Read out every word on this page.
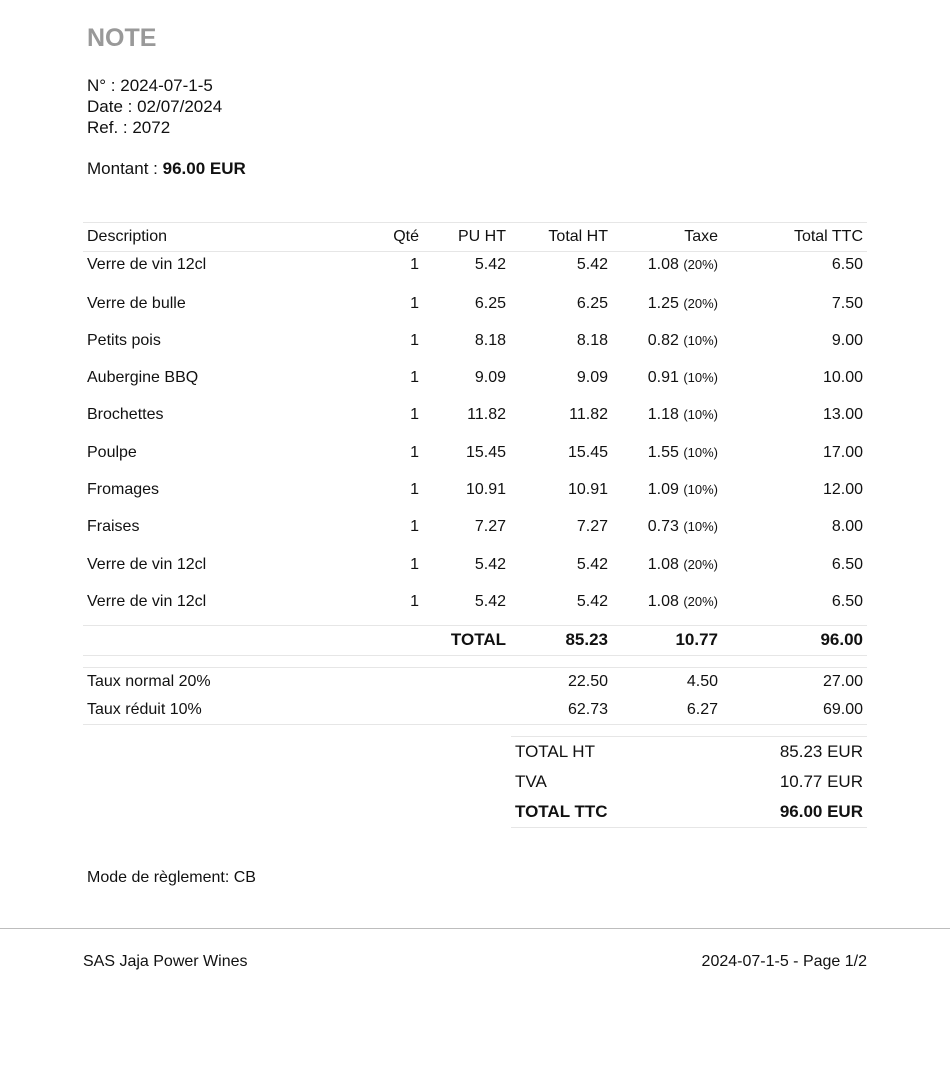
NOTE
N° : 2024-07-1-5
Date : 02/07/2024
Ref. : 2072
Montant : 96.00 EUR
Description	Qté	PU HT	Total HT	Taxe	Total TTC
Verre de vin 12cl	1	5.42	5.42	1.08 (20%)	6.50
Verre de bulle	1	6.25	6.25	1.25 (20%)	7.50
Petits pois	1	8.18	8.18	0.82 (10%)	9.00
Aubergine BBQ	1	9.09	9.09	0.91 (10%)	10.00
Brochettes	1	11.82	11.82	1.18 (10%)	13.00
Poulpe	1	15.45	15.45	1.55 (10%)	17.00
Fromages	1	10.91	10.91	1.09 (10%)	12.00
Fraises	1	7.27	7.27	0.73 (10%)	8.00
Verre de vin 12cl	1	5.42	5.42	1.08 (20%)	6.50
Verre de vin 12cl	1	5.42	5.42	1.08 (20%)	6.50
		TOTAL	85.23	10.77	96.00
Taux normal 20%	22.50	4.50	27.00
Taux réduit 10%	62.73	6.27	69.00
TOTAL HT	85.23 EUR
TVA	10.77 EUR
TOTAL TTC	96.00 EUR
Mode de règlement: CB
SAS Jaja Power Wines	2024-07-1-5 - Page 1/2
